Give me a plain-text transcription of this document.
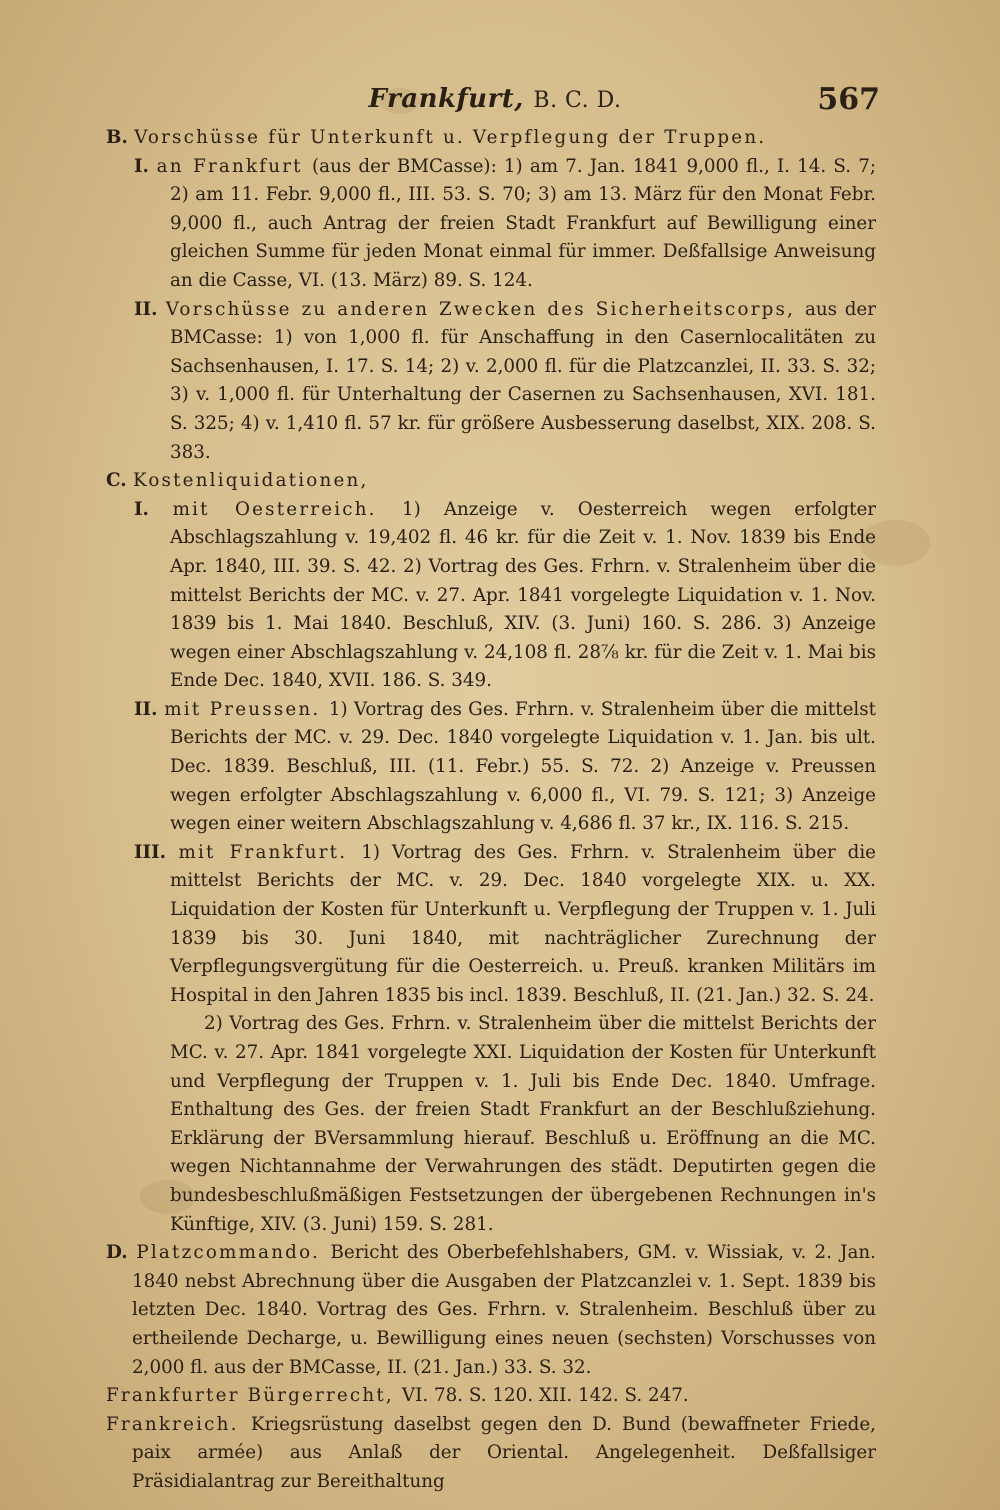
Frankfurt, B. C. D.	567

B. Vorschüsse für Unterkunft u. Verpflegung der Truppen.

I. an Frankfurt (aus der BMCasse): 1) am 7. Jan. 1841 9,000 fl., I. 14. S. 7; 2) am 11. Febr. 9,000 fl., III. 53. S. 70; 3) am 13. März für den Monat Febr. 9,000 fl., auch Antrag der freien Stadt Frankfurt auf Bewilligung einer gleichen Summe für jeden Monat einmal für immer. Deßfallsige Anweisung an die Casse, VI. (13. März) 89. S. 124.

II. Vorschüsse zu anderen Zwecken des Sicherheitscorps, aus der BMCasse: 1) von 1,000 fl. für Anschaffung in den Casernlocalitäten zu Sachsenhausen, I. 17. S. 14; 2) v. 2,000 fl. für die Platzcanzlei, II. 33. S. 32; 3) v. 1,000 fl. für Unterhaltung der Casernen zu Sachsenhausen, XVI. 181. S. 325; 4) v. 1,410 fl. 57 kr. für größere Ausbesserung daselbst, XIX. 208. S. 383.

C. Kostenliquidationen,

I. mit Oesterreich. 1) Anzeige v. Oesterreich wegen erfolgter Abschlagszahlung v. 19,402 fl. 46 kr. für die Zeit v. 1. Nov. 1839 bis Ende Apr. 1840, III. 39. S. 42. 2) Vortrag des Ges. Frhrn. v. Stralenheim über die mittelst Berichts der MC. v. 27. Apr. 1841 vorgelegte Liquidation v. 1. Nov. 1839 bis 1. Mai 1840. Beschluß, XIV. (3. Juni) 160. S. 286. 3) Anzeige wegen einer Abschlagszahlung v. 24,108 fl. 28⅞ kr. für die Zeit v. 1. Mai bis Ende Dec. 1840, XVII. 186. S. 349.

II. mit Preussen. 1) Vortrag des Ges. Frhrn. v. Stralenheim über die mittelst Berichts der MC. v. 29. Dec. 1840 vorgelegte Liquidation v. 1. Jan. bis ult. Dec. 1839. Beschluß, III. (11. Febr.) 55. S. 72. 2) Anzeige v. Preussen wegen erfolgter Abschlagszahlung v. 6,000 fl., VI. 79. S. 121; 3) Anzeige wegen einer weitern Abschlagszahlung v. 4,686 fl. 37 kr., IX. 116. S. 215.

III. mit Frankfurt. 1) Vortrag des Ges. Frhrn. v. Stralenheim über die mittelst Berichts der MC. v. 29. Dec. 1840 vorgelegte XIX. u. XX. Liquidation der Kosten für Unterkunft u. Verpflegung der Truppen v. 1. Juli 1839 bis 30. Juni 1840, mit nachträglicher Zurechnung der Verpflegungsvergütung für die Oesterreich. u. Preuß. kranken Militärs im Hospital in den Jahren 1835 bis incl. 1839. Beschluß, II. (21. Jan.) 32. S. 24.

2) Vortrag des Ges. Frhrn. v. Stralenheim über die mittelst Berichts der MC. v. 27. Apr. 1841 vorgelegte XXI. Liquidation der Kosten für Unterkunft und Verpflegung der Truppen v. 1. Juli bis Ende Dec. 1840. Umfrage. Enthaltung des Ges. der freien Stadt Frankfurt an der Beschlußziehung. Erklärung der BVersammlung hierauf. Beschluß u. Eröffnung an die MC. wegen Nichtannahme der Verwahrungen des städt. Deputirten gegen die bundesbeschlußmäßigen Festsetzungen der übergebenen Rechnungen in's Künftige, XIV. (3. Juni) 159. S. 281.

D. Platzcommando. Bericht des Oberbefehlshabers, GM. v. Wissiak, v. 2. Jan. 1840 nebst Abrechnung über die Ausgaben der Platzcanzlei v. 1. Sept. 1839 bis letzten Dec. 1840. Vortrag des Ges. Frhrn. v. Stralenheim. Beschluß über zu ertheilende Decharge, u. Bewilligung eines neuen (sechsten) Vorschusses von 2,000 fl. aus der BMCasse, II. (21. Jan.) 33. S. 32.

Frankfurter Bürgerrecht, VI. 78. S. 120. XII. 142. S. 247.

Frankreich. Kriegsrüstung daselbst gegen den D. Bund (bewaffneter Friede, paix armée) aus Anlaß der Oriental. Angelegenheit. Deßfallsiger Präsidialantrag zur Bereithaltung
